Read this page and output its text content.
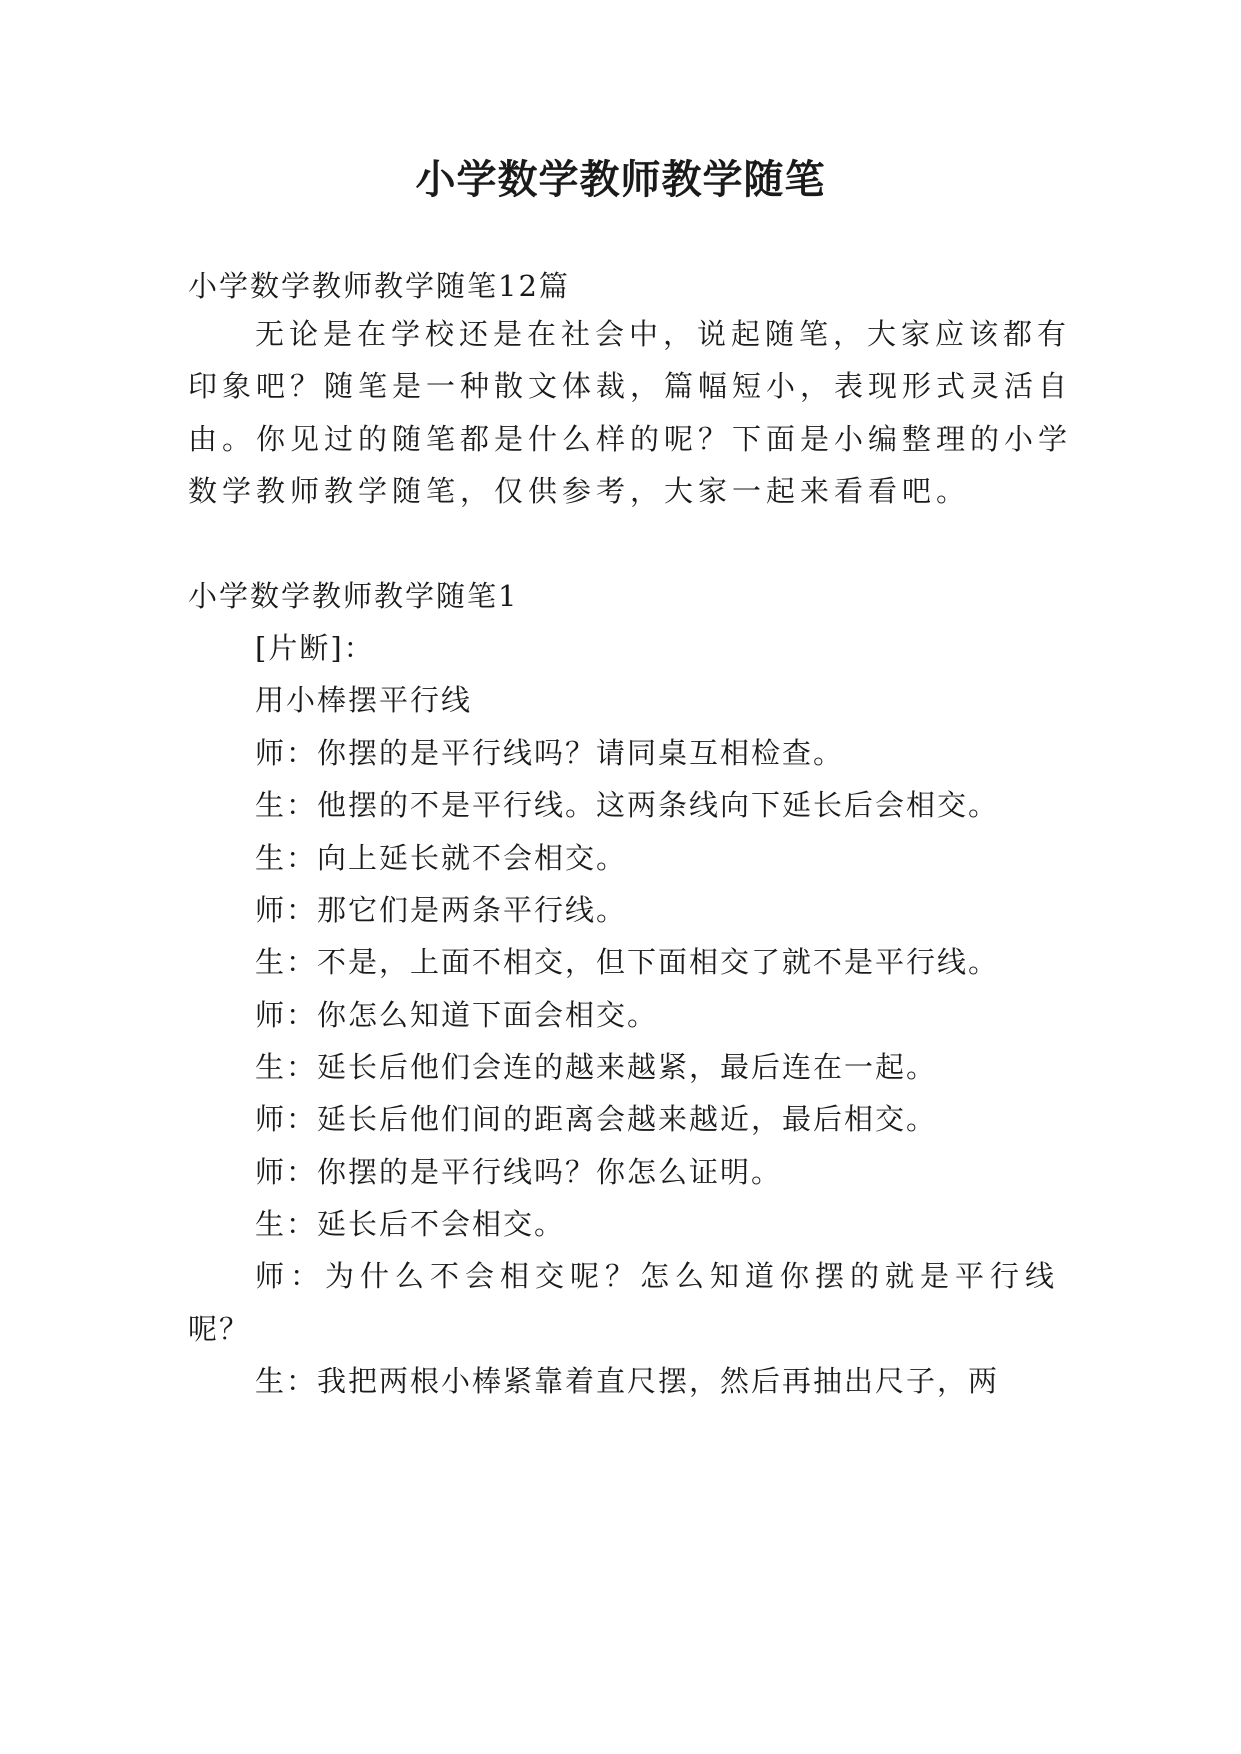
小学数学教师教学随笔
小学数学教师教学随笔12篇
无论是在学校还是在社会中，说起随笔，大家应该都有
印象吧？随笔是一种散文体裁，篇幅短小，表现形式灵活自
由。你见过的随笔都是什么样的呢？下面是小编整理的小学
数学教师教学随笔，仅供参考，大家一起来看看吧。
小学数学教师教学随笔1
[片断]：
用小棒摆平行线
师：你摆的是平行线吗？请同桌互相检查。
生：他摆的不是平行线。这两条线向下延长后会相交。
生：向上延长就不会相交。
师：那它们是两条平行线。
生：不是，上面不相交，但下面相交了就不是平行线。
师：你怎么知道下面会相交。
生：延长后他们会连的越来越紧，最后连在一起。
师：延长后他们间的距离会越来越近，最后相交。
师：你摆的是平行线吗？你怎么证明。
生：延长后不会相交。
师：为什么不会相交呢？怎么知道你摆的就是平行线
呢？
生：我把两根小棒紧靠着直尺摆，然后再抽出尺子，两
